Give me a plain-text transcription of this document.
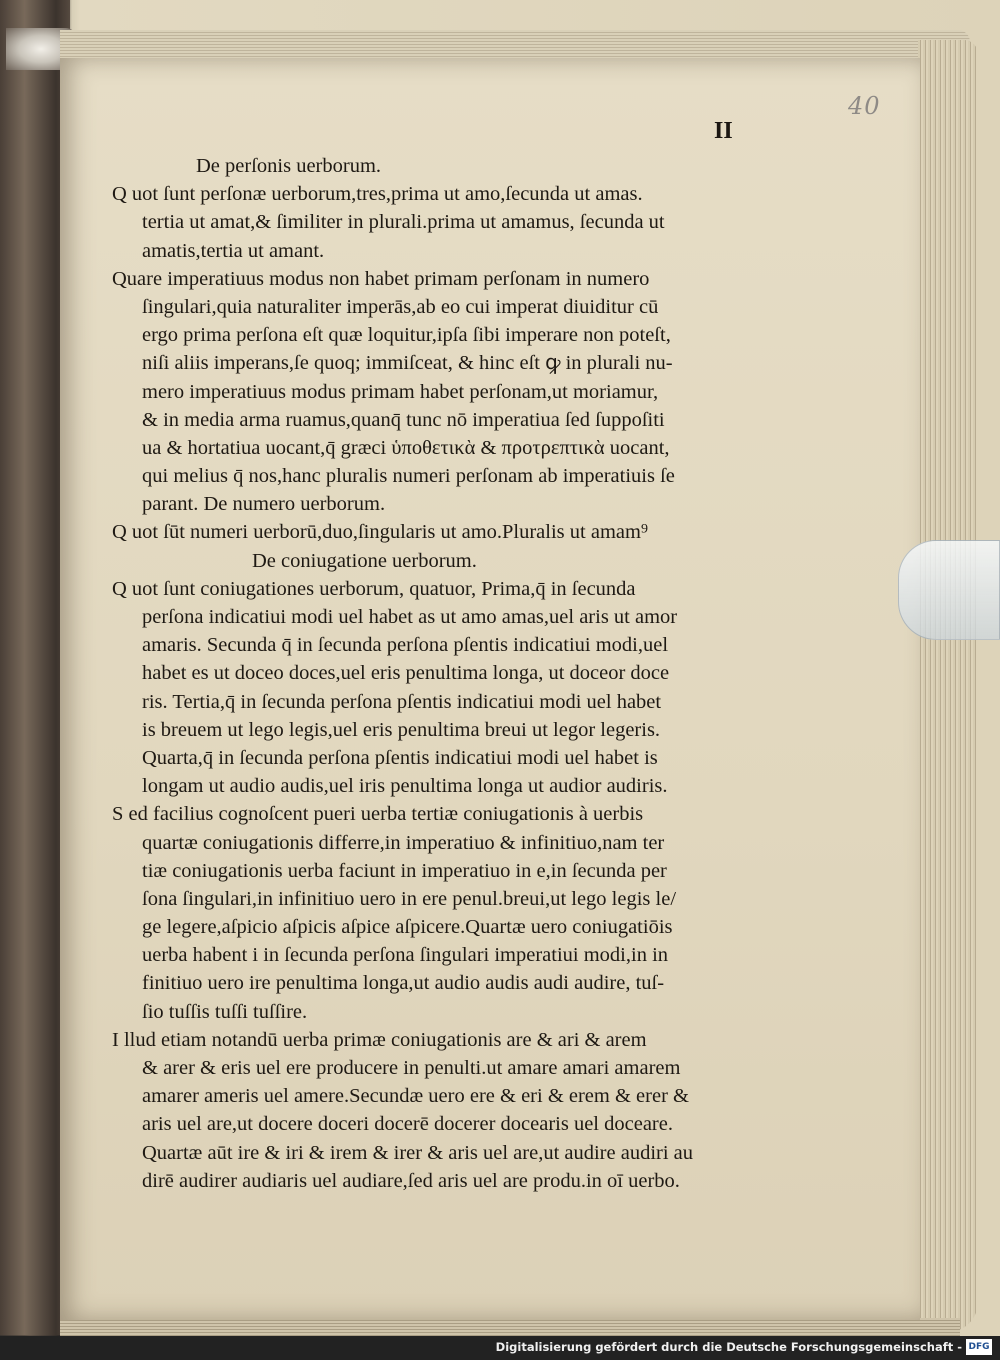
40
II
De perſonis uerborum.
Q uot ſunt perſonæ uerborum,tres,prima ut amo,ſecunda ut amas.
tertia ut amat,& ſimiliter in plurali.prima ut amamus, ſecunda ut
amatis,tertia ut amant.
Quare imperatiuus modus non habet primam perſonam in numero
ſingulari,quia naturaliter imperās,ab eo cui imperat diuiditur cū
ergo prima perſona eſt quæ loquitur,ipſa ſibi imperare non poteſt,
niſi aliis imperans,ſe quoq; immiſceat, & hinc eſt ꝙ in plurali nu-
mero imperatiuus modus primam habet perſonam,ut moriamur,
& in media arma ruamus,quanq̄ tunc nō imperatiua ſed ſuppoſiti
ua & hortatiua uocant,q̄ græci ὑποθετικὰ & προτρεπτικὰ uocant,
qui melius q̄ nos,hanc pluralis numeri perſonam ab imperatiuis ſe
parant. De numero uerborum.
Q uot ſūt numeri uerborū,duo,ſingularis ut amo.Pluralis ut amam⁹
De coniugatione uerborum.
Q uot ſunt coniugationes uerborum, quatuor, Prima,q̄ in ſecunda
perſona indicatiui modi uel habet as ut amo amas,uel aris ut amor
amaris. Secunda q̄ in ſecunda perſona pſentis indicatiui modi,uel
habet es ut doceo doces,uel eris penultima longa, ut doceor doce
ris. Tertia,q̄ in ſecunda perſona pſentis indicatiui modi uel habet
is breuem ut lego legis,uel eris penultima breui ut legor legeris.
Quarta,q̄ in ſecunda perſona pſentis indicatiui modi uel habet is
longam ut audio audis,uel iris penultima longa ut audior audiris.
S ed facilius cognoſcent pueri uerba tertiæ coniugationis à uerbis
quartæ coniugationis differre,in imperatiuo & infinitiuo,nam ter
tiæ coniugationis uerba faciunt in imperatiuo in e,in ſecunda per
ſona ſingulari,in infinitiuo uero in ere penul.breui,ut lego legis le/
ge legere,aſpicio aſpicis aſpice aſpicere.Quartæ uero coniugatiōis
uerba habent i in ſecunda perſona ſingulari imperatiui modi,in in
finitiuo uero ire penultima longa,ut audio audis audi audire, tuſ-
ſio tuſſis tuſſi tuſſire.
I llud etiam notandū uerba primæ coniugationis are & ari & arem
& arer & eris uel ere producere in penulti.ut amare amari amarem
amarer ameris uel amere.Secundæ uero ere & eri & erem & erer &
aris uel are,ut docere doceri docerē docerer docearis uel doceare.
Quartæ aūt ire & iri & irem & irer & aris uel are,ut audire audiri au
dirē audirer audiaris uel audiare,ſed aris uel are produ.in oī uerbo.
Digitalisierung gefördert durch die Deutsche Forschungsgemeinschaft - DFG
